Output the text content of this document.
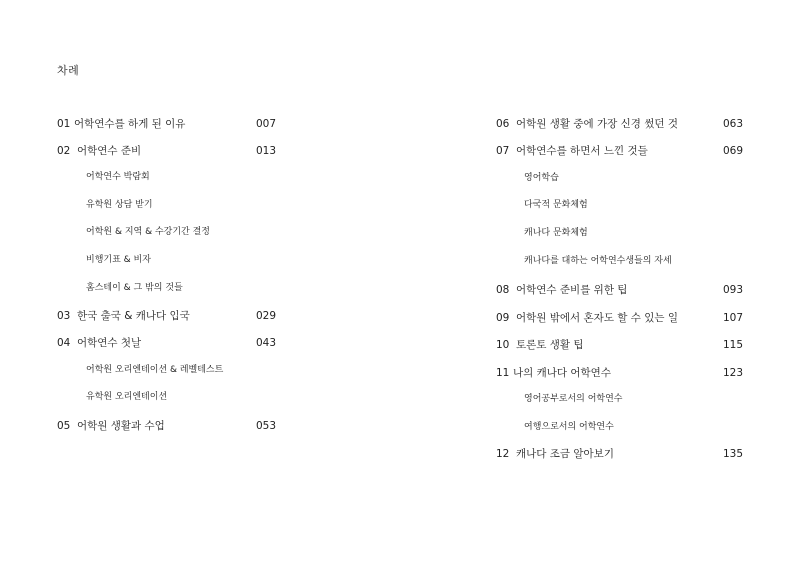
차례
01 어학연수를 하게 된 이유	007
02 어학연수 준비	013
어학연수 박람회
유학원 상담 받기
어학원 & 지역 & 수강기간 결정
비행기표 & 비자
홈스테이 & 그 밖의 것들
03 한국 출국 & 캐나다 입국	029
04 어학연수 첫날	043
어학원 오리엔테이션 & 레벨테스트
유학원 오리엔테이션
05 어학원 생활과 수업	053
06 어학원 생활 중에 가장 신경 썼던 것	063
07 어학연수를 하면서 느낀 것들	069
영어학습
다국적 문화체험
캐나다 문화체험
캐나다를 대하는 어학연수생들의 자세
08 어학연수 준비를 위한 팁	093
09 어학원 밖에서 혼자도 할 수 있는 일	107
10 토론토 생활 팁	115
11 나의 캐나다 어학연수	123
영어공부로서의 어학연수
여행으로서의 어학연수
12 캐나다 조금 알아보기	135
